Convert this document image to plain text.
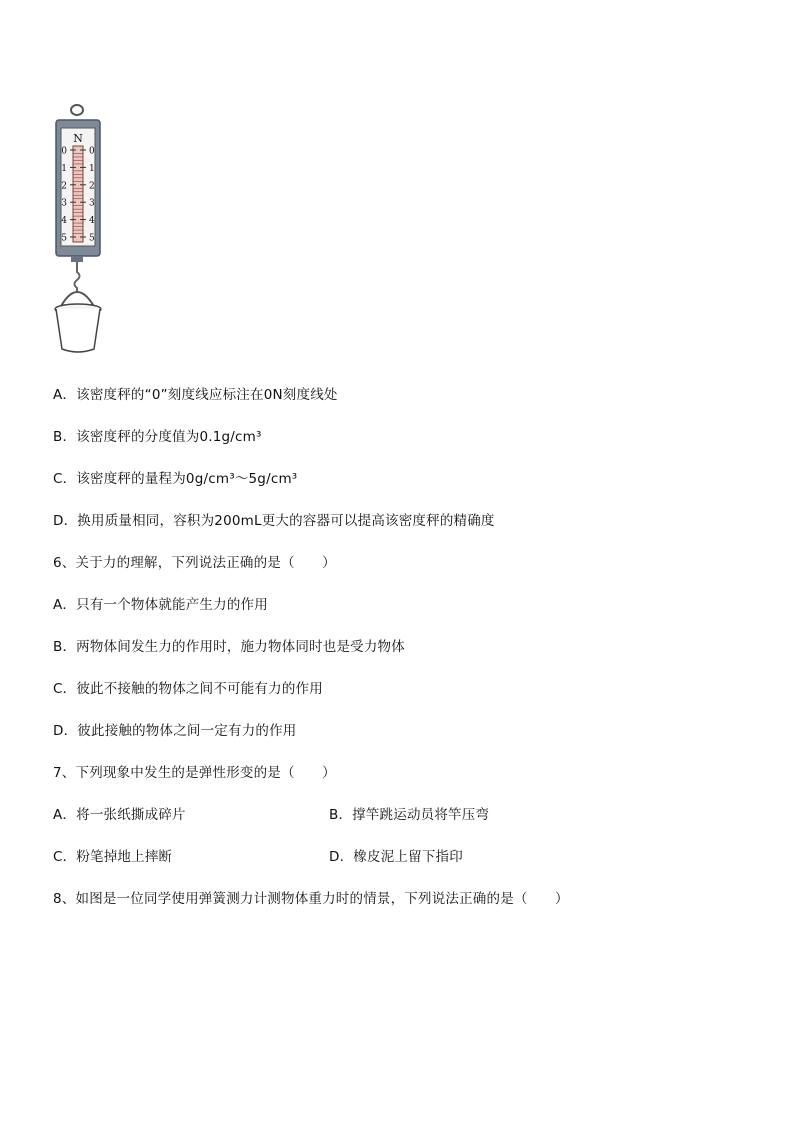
N
0 0
1 1
2 2
3 3
4 4
5 5
A．该密度秤的“0”刻度线应标注在0N刻度线处
B．该密度秤的分度值为0.1g/cm³
C．该密度秤的量程为0g/cm³～5g/cm³
D．换用质量相同，容积为200mL更大的容器可以提高该密度秤的精确度
6、关于力的理解，下列说法正确的是（　　）
A．只有一个物体就能产生力的作用
B．两物体间发生力的作用时，施力物体同时也是受力物体
C．彼此不接触的物体之间不可能有力的作用
D．彼此接触的物体之间一定有力的作用
7、下列现象中发生的是弹性形变的是（　　）
A．将一张纸撕成碎片	B．撑竿跳运动员将竿压弯
C．粉笔掉地上摔断	D．橡皮泥上留下指印
8、如图是一位同学使用弹簧测力计测物体重力时的情景，下列说法正确的是（　　）
